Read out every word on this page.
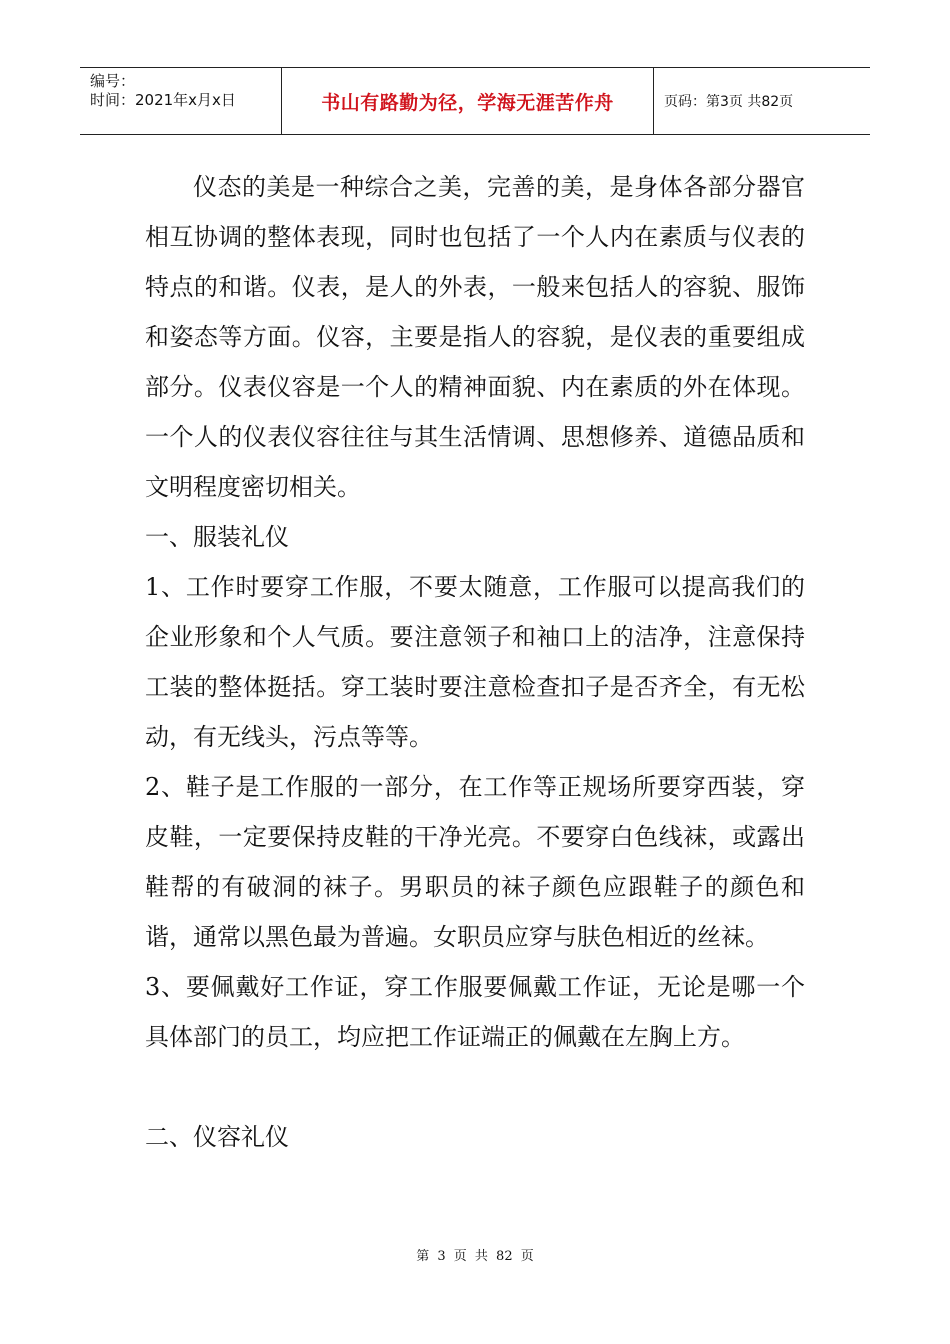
编号：
时间：2021年x月x日	书山有路勤为径，学海无涯苦作舟	页码：第3页 共82页

仪态的美是一种综合之美，完善的美，是身体各部分器官相互协调的整体表现，同时也包括了一个人内在素质与仪表的特点的和谐。仪表，是人的外表，一般来包括人的容貌、服饰和姿态等方面。仪容，主要是指人的容貌，是仪表的重要组成部分。仪表仪容是一个人的精神面貌、内在素质的外在体现。一个人的仪表仪容往往与其生活情调、思想修养、道德品质和文明程度密切相关。

一、服装礼仪

1、工作时要穿工作服，不要太随意，工作服可以提高我们的企业形象和个人气质。要注意领子和袖口上的洁净，注意保持工装的整体挺括。穿工装时要注意检查扣子是否齐全，有无松动，有无线头，污点等等。

2、鞋子是工作服的一部分，在工作等正规场所要穿西装，穿皮鞋，一定要保持皮鞋的干净光亮。不要穿白色线袜，或露出鞋帮的有破洞的袜子。男职员的袜子颜色应跟鞋子的颜色和谐，通常以黑色最为普遍。女职员应穿与肤色相近的丝袜。

3、要佩戴好工作证，穿工作服要佩戴工作证，无论是哪一个具体部门的员工，均应把工作证端正的佩戴在左胸上方。

二、仪容礼仪

第 3 页 共 82 页
